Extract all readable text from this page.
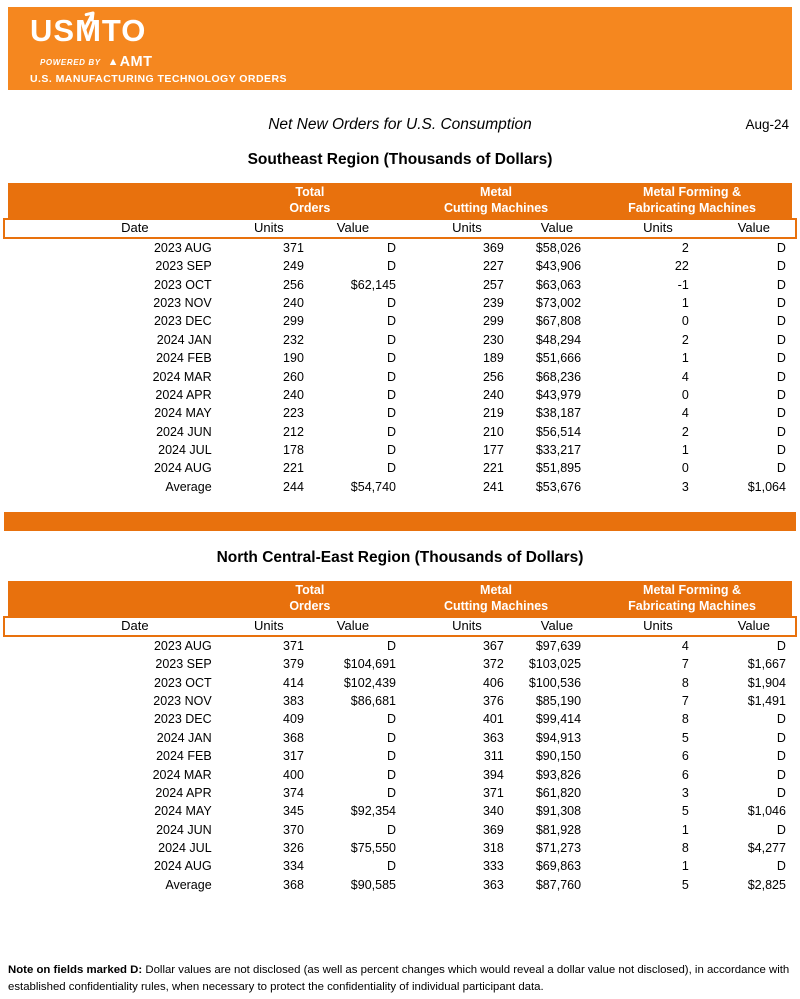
USMTO
POWERED BY ▲ AMT
U.S. MANUFACTURING TECHNOLOGY ORDERS
Net New Orders for U.S. Consumption	Aug-24
Southeast Region (Thousands of Dollars)
Total
Orders
Metal
Cutting Machines
Metal Forming &
Fabricating Machines
Date	Units	Value	Units	Value	Units	Value
2023 AUG	371	D	369	$58,026	2	D
2023 SEP	249	D	227	$43,906	22	D
2023 OCT	256	$62,145	257	$63,063	-1	D
2023 NOV	240	D	239	$73,002	1	D
2023 DEC	299	D	299	$67,808	0	D
2024 JAN	232	D	230	$48,294	2	D
2024 FEB	190	D	189	$51,666	1	D
2024 MAR	260	D	256	$68,236	4	D
2024 APR	240	D	240	$43,979	0	D
2024 MAY	223	D	219	$38,187	4	D
2024 JUN	212	D	210	$56,514	2	D
2024 JUL	178	D	177	$33,217	1	D
2024 AUG	221	D	221	$51,895	0	D
Average	244	$54,740	241	$53,676	3	$1,064
North Central-East Region (Thousands of Dollars)
Total
Orders
Metal
Cutting Machines
Metal Forming &
Fabricating Machines
Date	Units	Value	Units	Value	Units	Value
2023 AUG	371	D	367	$97,639	4	D
2023 SEP	379	$104,691	372	$103,025	7	$1,667
2023 OCT	414	$102,439	406	$100,536	8	$1,904
2023 NOV	383	$86,681	376	$85,190	7	$1,491
2023 DEC	409	D	401	$99,414	8	D
2024 JAN	368	D	363	$94,913	5	D
2024 FEB	317	D	311	$90,150	6	D
2024 MAR	400	D	394	$93,826	6	D
2024 APR	374	D	371	$61,820	3	D
2024 MAY	345	$92,354	340	$91,308	5	$1,046
2024 JUN	370	D	369	$81,928	1	D
2024 JUL	326	$75,550	318	$71,273	8	$4,277
2024 AUG	334	D	333	$69,863	1	D
Average	368	$90,585	363	$87,760	5	$2,825
Note on fields marked D: Dollar values are not disclosed (as well as percent changes which would reveal a dollar value not disclosed), in accordance with established confidentiality rules, when necessary to protect the confidentiality of individual participant data.
